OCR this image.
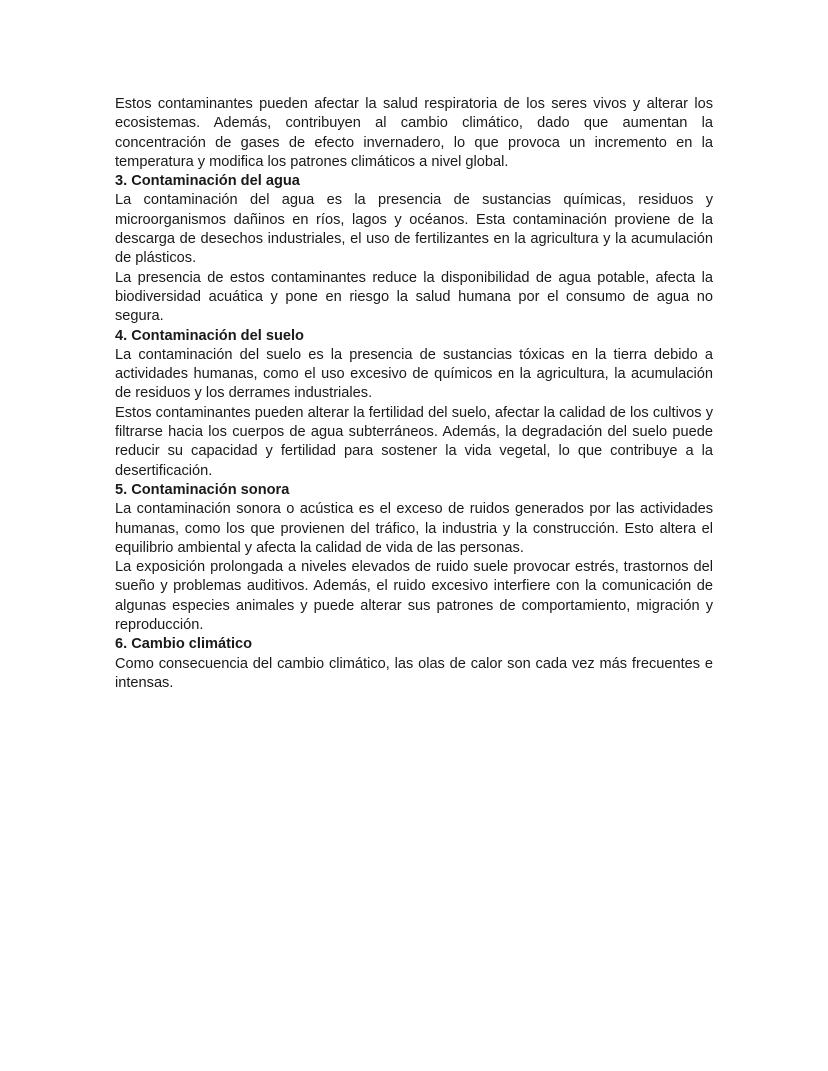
Estos contaminantes pueden afectar la salud respiratoria de los seres vivos y alterar los ecosistemas. Además, contribuyen al cambio climático, dado que aumentan la concentración de gases de efecto invernadero, lo que provoca un incremento en la temperatura y modifica los patrones climáticos a nivel global.

3. Contaminación del agua

La contaminación del agua es la presencia de sustancias químicas, residuos y microorganismos dañinos en ríos, lagos y océanos. Esta contaminación proviene de la descarga de desechos industriales, el uso de fertilizantes en la agricultura y la acumulación de plásticos.

La presencia de estos contaminantes reduce la disponibilidad de agua potable, afecta la biodiversidad acuática y pone en riesgo la salud humana por el consumo de agua no segura.

4. Contaminación del suelo

La contaminación del suelo es la presencia de sustancias tóxicas en la tierra debido a actividades humanas, como el uso excesivo de químicos en la agricultura, la acumulación de residuos y los derrames industriales.

Estos contaminantes pueden alterar la fertilidad del suelo, afectar la calidad de los cultivos y filtrarse hacia los cuerpos de agua subterráneos. Además, la degradación del suelo puede reducir su capacidad y fertilidad para sostener la vida vegetal, lo que contribuye a la desertificación.

5. Contaminación sonora

La contaminación sonora o acústica es el exceso de ruidos generados por las actividades humanas, como los que provienen del tráfico, la industria y la construcción. Esto altera el equilibrio ambiental y afecta la calidad de vida de las personas.

La exposición prolongada a niveles elevados de ruido suele provocar estrés, trastornos del sueño y problemas auditivos. Además, el ruido excesivo interfiere con la comunicación de algunas especies animales y puede alterar sus patrones de comportamiento, migración y reproducción.

6. Cambio climático

Como consecuencia del cambio climático, las olas de calor son cada vez más frecuentes e intensas.
